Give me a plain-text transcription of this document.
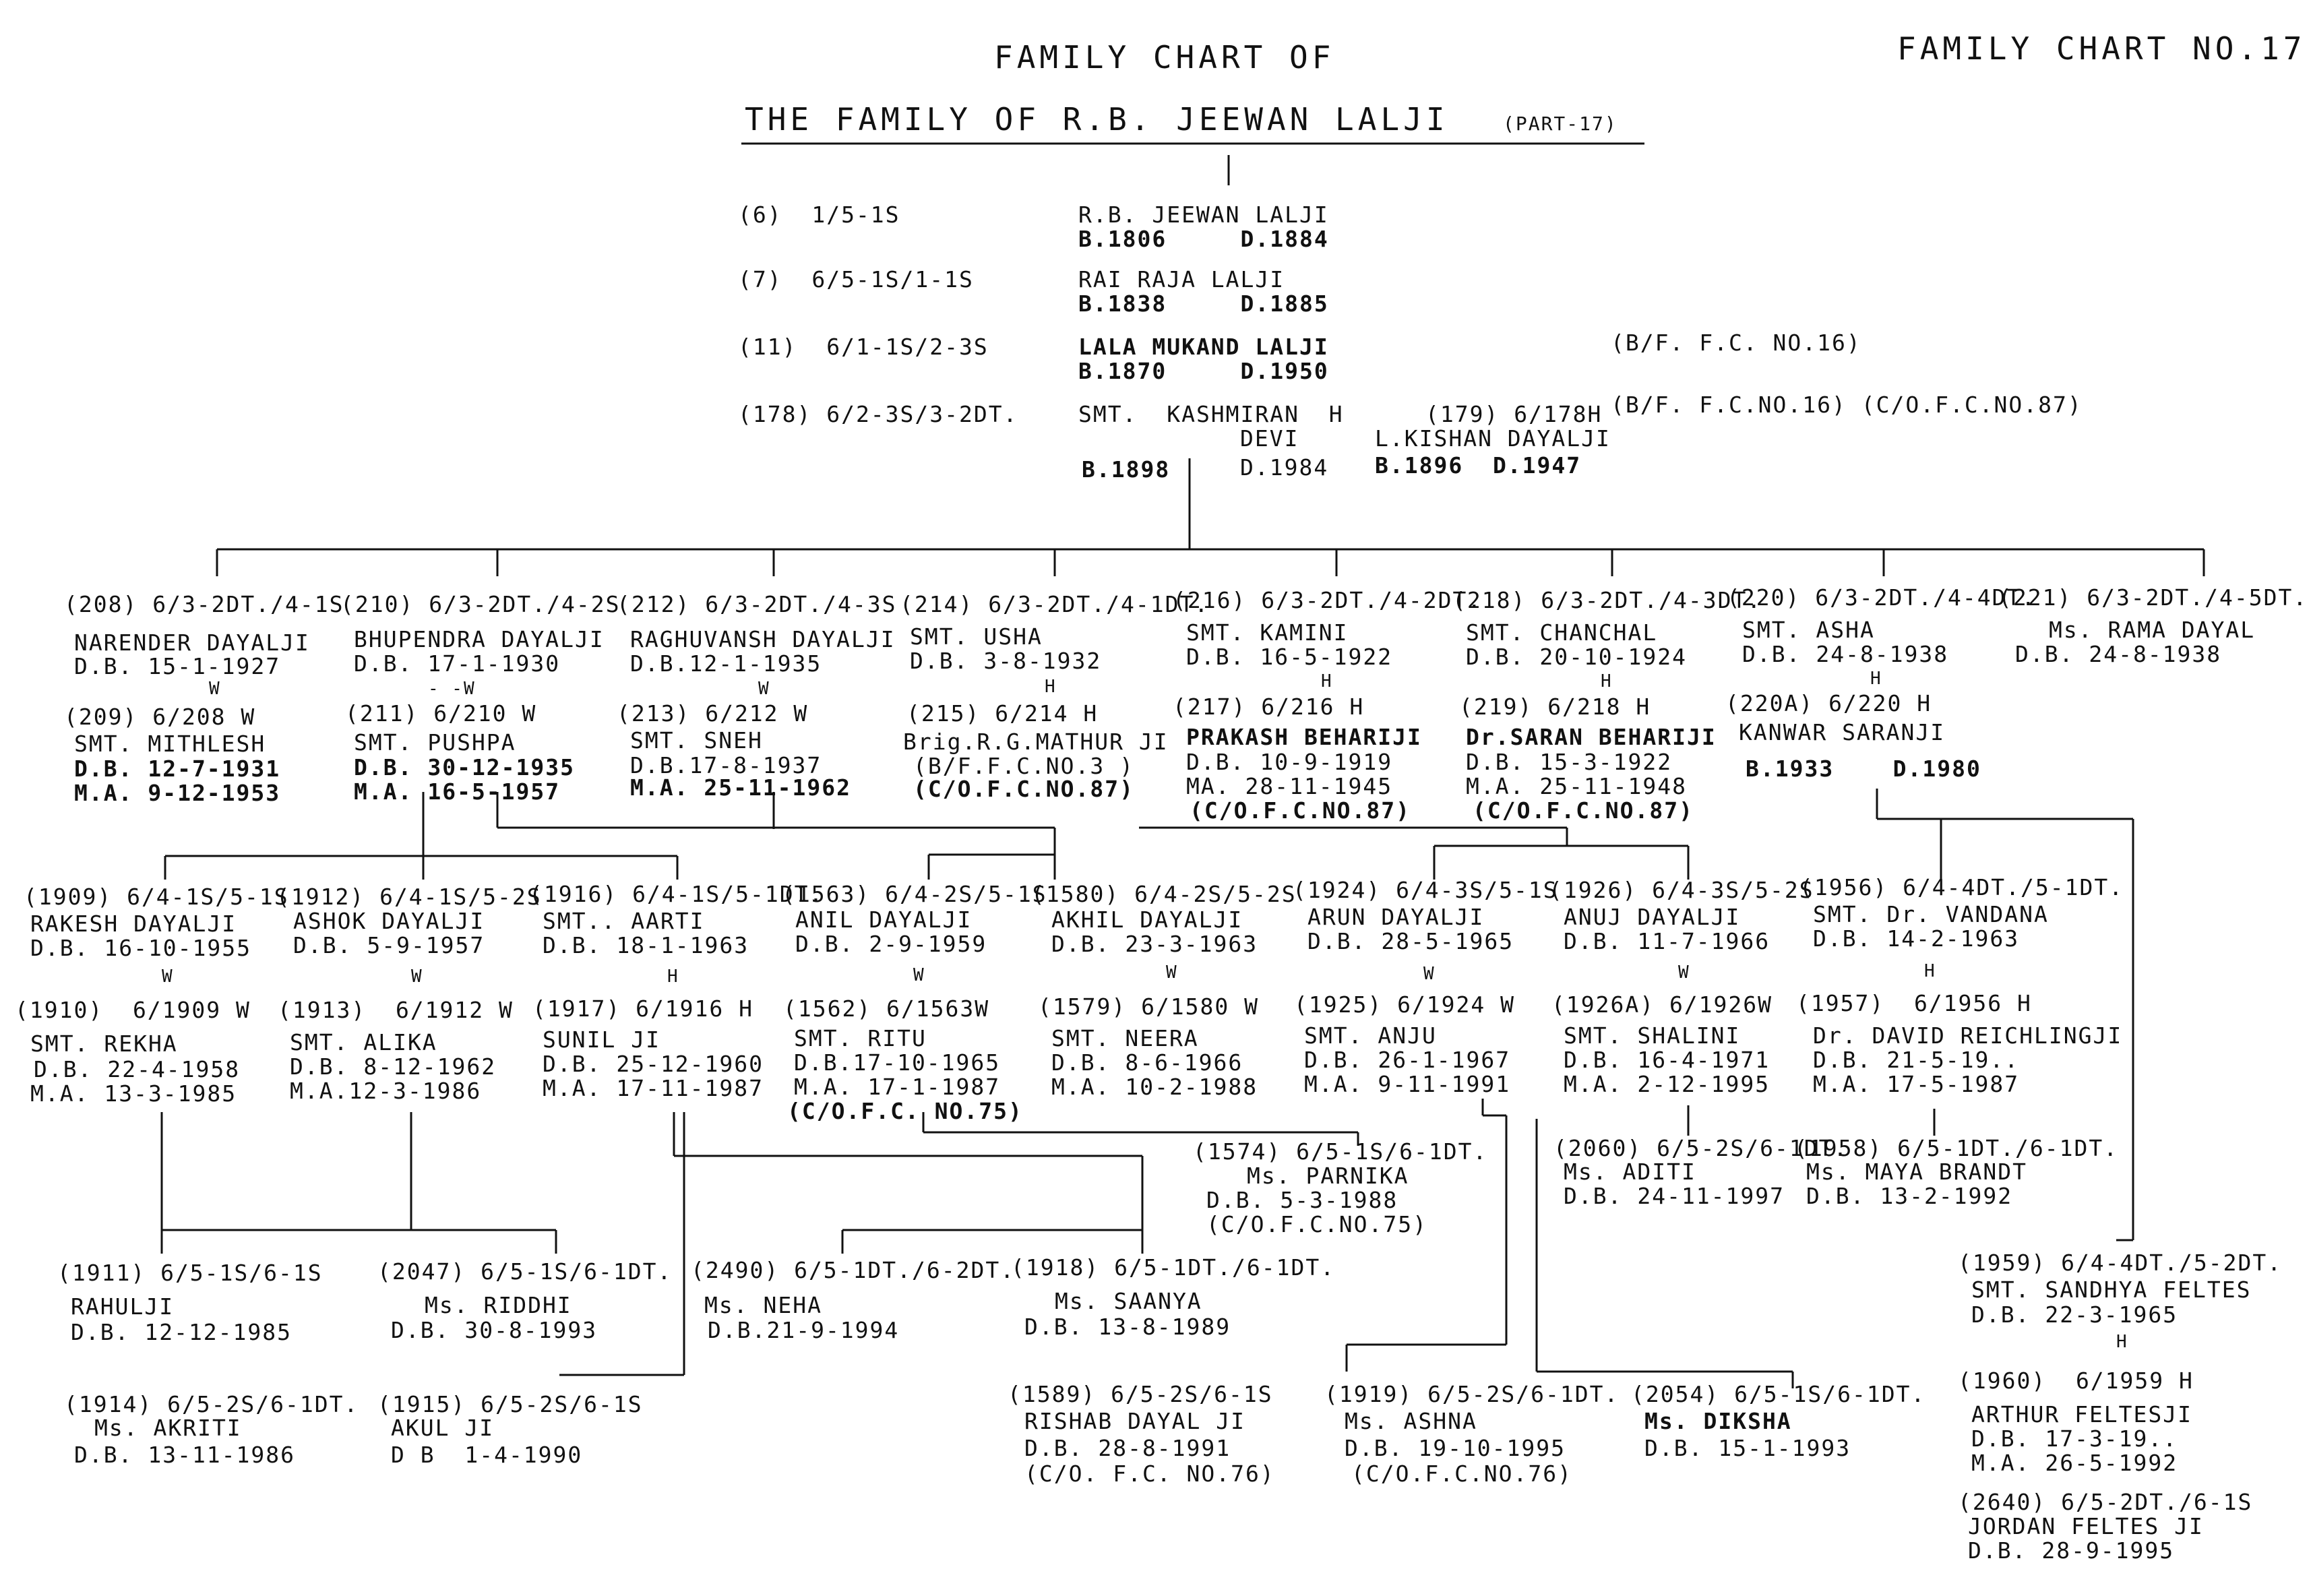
FAMILY CHART OF
THE FAMILY OF R.B. JEEWAN LALJI	(PART-17)
FAMILY CHART NO.17
(6)  1/5-1S	R.B. JEEWAN LALJI
B.1806     D.1884
(7)  6/5-1S/1-1S	RAI RAJA LALJI
B.1838     D.1885
(11)  6/1-1S/2-3S	LALA MUKAND LALJI
B.1870     D.1950
(B/F. F.C. NO.16)
(178) 6/2-3S/3-2DT.	SMT.  KASHMIRAN  H
DEVI
B.1898	D.1984
(179) 6/178H
L.KISHAN DAYALJI
B.1896  D.1947
(B/F. F.C.NO.16) (C/O.F.C.NO.87)
(208) 6/3-2DT./4-1S
NARENDER DAYALJI
D.B. 15-1-1927
W
(209) 6/208 W
SMT. MITHLESH
D.B. 12-7-1931
M.A. 9-12-1953
(210) 6/3-2DT./4-2S
BHUPENDRA DAYALJI
D.B. 17-1-1930
- -W
(211) 6/210 W
SMT. PUSHPA
D.B. 30-12-1935
M.A. 16-5-1957
(212) 6/3-2DT./4-3S
RAGHUVANSH DAYALJI
D.B.12-1-1935
W
(213) 6/212 W
SMT. SNEH
D.B.17-8-1937
M.A. 25-11-1962
(214) 6/3-2DT./4-1DT.
SMT. USHA
D.B. 3-8-1932
H
(215) 6/214 H
Brig.R.G.MATHUR JI
(B/F.F.C.NO.3 )
(C/O.F.C.NO.87)
(216) 6/3-2DT./4-2DT.
SMT. KAMINI
D.B. 16-5-1922
H
(217) 6/216 H
PRAKASH BEHARIJI
D.B. 10-9-1919
MA. 28-11-1945
(C/O.F.C.NO.87)
(218) 6/3-2DT./4-3DT.
SMT. CHANCHAL
D.B. 20-10-1924
H
(219) 6/218 H
Dr.SARAN BEHARIJI
D.B. 15-3-1922
M.A. 25-11-1948
(C/O.F.C.NO.87)
(220) 6/3-2DT./4-4DT.
SMT. ASHA
D.B. 24-8-1938
H
(220A) 6/220 H
KANWAR SARANJI
B.1933    D.1980
(221) 6/3-2DT./4-5DT.
Ms. RAMA DAYAL
D.B. 24-8-1938
(1909) 6/4-1S/5-1S
RAKESH DAYALJI
D.B. 16-10-1955
W
(1910)  6/1909 W
SMT. REKHA
D.B. 22-4-1958
M.A. 13-3-1985
(1912) 6/4-1S/5-2S
ASHOK DAYALJI
D.B. 5-9-1957
W
(1913)  6/1912 W
SMT. ALIKA
D.B. 8-12-1962
M.A.12-3-1986
(1916) 6/4-1S/5-1DT.
SMT.. AARTI
D.B. 18-1-1963
H
(1917) 6/1916 H
SUNIL JI
D.B. 25-12-1960
M.A. 17-11-1987
(1563) 6/4-2S/5-1S
ANIL DAYALJI
D.B. 2-9-1959
W
(1562) 6/1563W
SMT. RITU
D.B.17-10-1965
M.A. 17-1-1987
(C/O.F.C. NO.75)
(1580) 6/4-2S/5-2S
AKHIL DAYALJI
D.B. 23-3-1963
W
(1579) 6/1580 W
SMT. NEERA
D.B. 8-6-1966
M.A. 10-2-1988
(1924) 6/4-3S/5-1S
ARUN DAYALJI
D.B. 28-5-1965
W
(1925) 6/1924 W
SMT. ANJU
D.B. 26-1-1967
M.A. 9-11-1991
(1926) 6/4-3S/5-2S
ANUJ DAYALJI
D.B. 11-7-1966
W
(1926A) 6/1926W
SMT. SHALINI
D.B. 16-4-1971
M.A. 2-12-1995
(1956) 6/4-4DT./5-1DT.
SMT. Dr. VANDANA
D.B. 14-2-1963
H
(1957)  6/1956 H
Dr. DAVID REICHLINGJI
D.B. 21-5-19..
M.A. 17-5-1987
(1574) 6/5-1S/6-1DT.
Ms. PARNIKA
D.B. 5-3-1988
(C/O.F.C.NO.75)
(2060) 6/5-2S/6-1DT.
Ms. ADITI
D.B. 24-11-1997
(1958) 6/5-1DT./6-1DT.
Ms. MAYA BRANDT
D.B. 13-2-1992
(1911) 6/5-1S/6-1S
RAHULJI
D.B. 12-12-1985
(2047) 6/5-1S/6-1DT.
Ms. RIDDHI
D.B. 30-8-1993
(2490) 6/5-1DT./6-2DT.
Ms. NEHA
D.B.21-9-1994
(1918) 6/5-1DT./6-1DT.
Ms. SAANYA
D.B. 13-8-1989
(1914) 6/5-2S/6-1DT.
Ms. AKRITI
D.B. 13-11-1986
(1915) 6/5-2S/6-1S
AKUL JI
D B  1-4-1990
(1589) 6/5-2S/6-1S
RISHAB DAYAL JI
D.B. 28-8-1991
(C/O. F.C. NO.76)
(1919) 6/5-2S/6-1DT.
Ms. ASHNA
D.B. 19-10-1995
(C/O.F.C.NO.76)
(2054) 6/5-1S/6-1DT.
Ms. DIKSHA
D.B. 15-1-1993
(1959) 6/4-4DT./5-2DT.
SMT. SANDHYA FELTES
D.B. 22-3-1965
H
(1960)  6/1959 H
ARTHUR FELTESJI
D.B. 17-3-19..
M.A. 26-5-1992
(2640) 6/5-2DT./6-1S
JORDAN FELTES JI
D.B. 28-9-1995
